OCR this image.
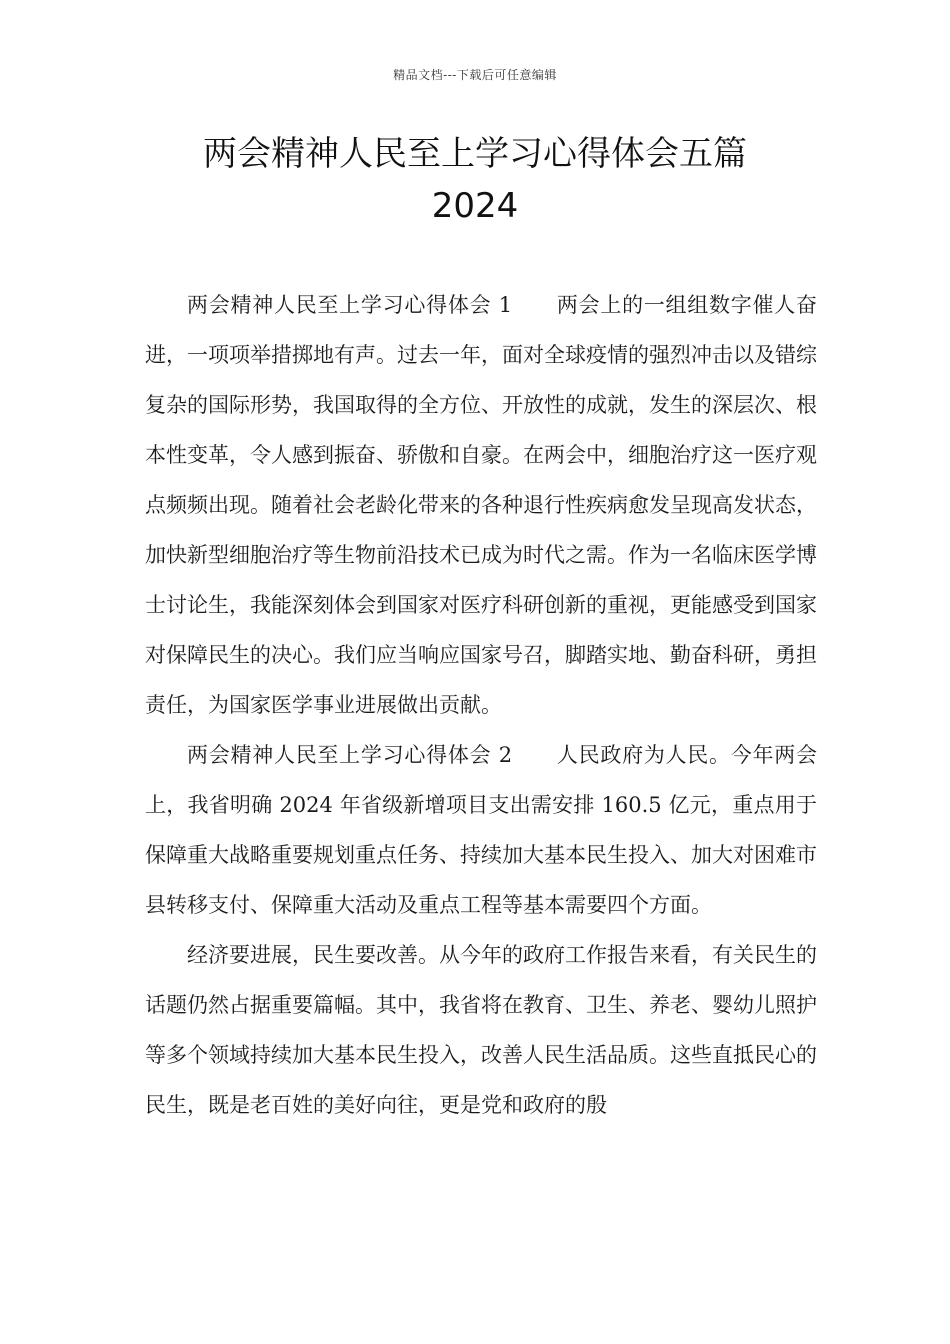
精品文档---下载后可任意编辑
两会精神人民至上学习心得体会五篇
2024

两会精神人民至上学习心得体会 1 两会上的一组组数字催人奋进，一项项举措掷地有声。过去一年，面对全球疫情的强烈冲击以及错综复杂的国际形势，我国取得的全方位、开放性的成就，发生的深层次、根本性变革，令人感到振奋、骄傲和自豪。在两会中，细胞治疗这一医疗观点频频出现。随着社会老龄化带来的各种退行性疾病愈发呈现高发状态，加快新型细胞治疗等生物前沿技术已成为时代之需。作为一名临床医学博士讨论生，我能深刻体会到国家对医疗科研创新的重视，更能感受到国家对保障民生的决心。我们应当响应国家号召，脚踏实地、勤奋科研，勇担责任，为国家医学事业进展做出贡献。

两会精神人民至上学习心得体会 2 人民政府为人民。今年两会上，我省明确 2024 年省级新增项目支出需安排 160.5 亿元，重点用于保障重大战略重要规划重点任务、持续加大基本民生投入、加大对困难市县转移支付、保障重大活动及重点工程等基本需要四个方面。

经济要进展，民生要改善。从今年的政府工作报告来看，有关民生的话题仍然占据重要篇幅。其中，我省将在教育、卫生、养老、婴幼儿照护等多个领域持续加大基本民生投入，改善人民生活品质。这些直抵民心的民生，既是老百姓的美好向往，更是党和政府的殷
